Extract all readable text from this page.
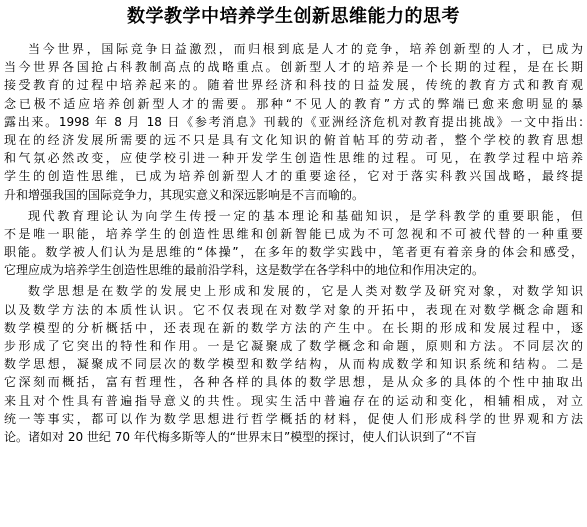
数学教学中培养学生创新思维能力的思考
当今世界，国际竞争日益激烈，而归根到底是人才的竞争，培养创新型的人才，已成为
当今世界各国抢占科教制高点的战略重点。创新型人才的培养是一个长期的过程，是在长期
接受教育的过程中培养起来的。随着世界经济和科技的日益发展，传统的教育方式和教育观
念已极不适应培养创新型人才的需要。那种“不见人的教育”方式的弊端已愈来愈明显的暴
露出来。1998 年 8 月 18 日《参考消息》刊载的《亚洲经济危机对教育提出挑战》一文中指出:
现在的经济发展所需要的远不只是具有文化知识的俯首帖耳的劳动者，整个学校的教育思想
和气氛必然改变，应使学校引进一种开发学生创造性思维的过程。可见，在教学过程中培养
学生的创造性思维，已成为培养创新型人才的重要途径，它对于落实科教兴国战略，最终提
升和增强我国的国际竞争力，其现实意义和深远影响是不言而喻的。
现代教育理论认为向学生传授一定的基本理论和基础知识，是学科教学的重要职能，但
不是唯一职能，培养学生的创造性思维和创新智能已成为不可忽视和不可被代替的一种重要
职能。数学被人们认为是思维的“体操”，在多年的数学实践中，笔者更有着亲身的体会和感受，
它理应成为培养学生创造性思维的最前沿学科，这是数学在各学科中的地位和作用决定的。
数学思想是在数学的发展史上形成和发展的，它是人类对数学及研究对象，对数学知识
以及数学方法的本质性认识。它不仅表现在对数学对象的开拓中，表现在对数学概念命题和
数学模型的分析概括中，还表现在新的数学方法的产生中。在长期的形成和发展过程中，逐
步形成了它突出的特性和作用。一是它凝聚成了数学概念和命题，原则和方法。不同层次的
数学思想，凝聚成不同层次的数学模型和数学结构，从而构成数学和知识系统和结构。二是
它深刻而概括，富有哲理性，各种各样的具体的数学思想，是从众多的具体的个性中抽取出
来且对个性具有普遍指导意义的共性。现实生活中普遍存在的运动和变化，相辅相成，对立
统一等事实，都可以作为数学思想进行哲学概括的材料，促使人们形成科学的世界观和方法
论。诸如对 20 世纪 70 年代梅多斯等人的“世界末日”模型的探讨，使人们认识到了“不盲
